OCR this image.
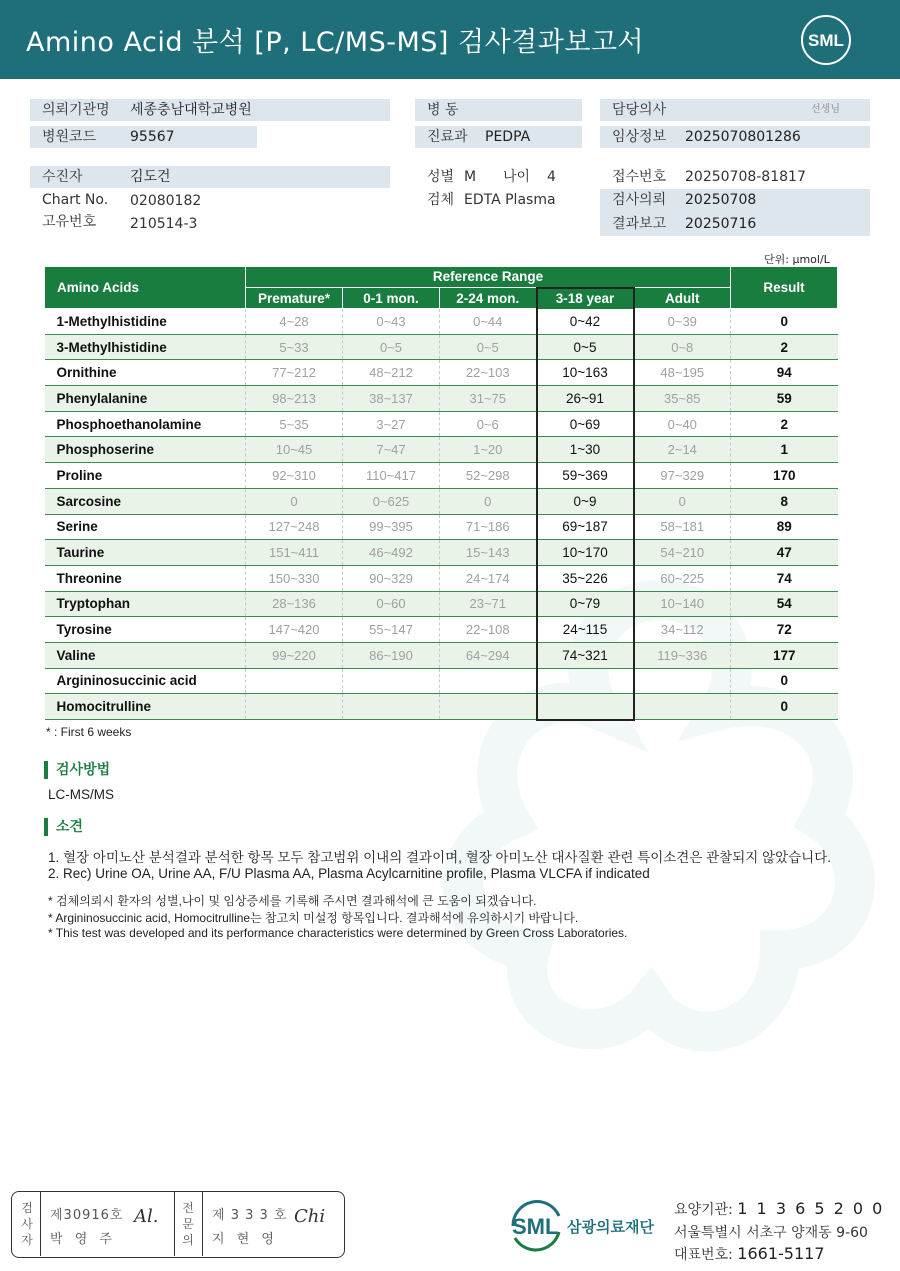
Amino Acid 분석 [P, LC/MS-MS] 검사결과보고서	SML
의뢰기관명 세종충남대학교병원
병원코드 95567
병 동
진료과 PEDPA
담당의사	선생님
임상정보 2025070801286
수진자	김도건
Chart No. 02080182
고유번호 210514-3
성별 M 나이 4
검체 EDTA Plasma
접수번호 20250708-81817
검사의뢰 20250708
결과보고 20250716
단위: μmol/L
Amino Acids	Reference Range					Result
	Premature*	0-1 mon.	2-24 mon.	3-18 year	Adult	
1-Methylhistidine	4~28	0~43	0~44	0~42	0~39	0
3-Methylhistidine	5~33	0~5	0~5	0~5	0~8	2
Ornithine	77~212	48~212	22~103	10~163	48~195	94
Phenylalanine	98~213	38~137	31~75	26~91	35~85	59
Phosphoethanolamine	5~35	3~27	0~6	0~69	0~40	2
Phosphoserine	10~45	7~47	1~20	1~30	2~14	1
Proline	92~310	110~417	52~298	59~369	97~329	170
Sarcosine	0	0~625	0	0~9	0	8
Serine	127~248	99~395	71~186	69~187	58~181	89
Taurine	151~411	46~492	15~143	10~170	54~210	47
Threonine	150~330	90~329	24~174	35~226	60~225	74
Tryptophan	28~136	0~60	23~71	0~79	10~140	54
Tyrosine	147~420	55~147	22~108	24~115	34~112	72
Valine	99~220	86~190	64~294	74~321	119~336	177
Argininosuccinic acid						0
Homocitrulline						0
* : First 6 weeks
검사방법
LC-MS/MS
소견
1. 혈장 아미노산 분석결과 분석한 항목 모두 참고범위 이내의 결과이며, 혈장 아미노산 대사질환 관련 특이소견은 관찰되지 않았습니다.
2. Rec) Urine OA, Urine AA, F/U Plasma AA, Plasma Acylcarnitine profile, Plasma VLCFA if indicated
* 검체의뢰시 환자의 성별,나이 및 임상증세를 기록해 주시면 결과해석에 큰 도움이 되겠습니다.
* Argininosuccinic acid, Homocitrulline는 참고치 미설정 항목입니다. 결과해석에 유의하시기 바랍니다.
* This test was developed and its performance characteristics were determined by Green Cross Laboratories.
검
사
자
제30916호
박 영 주
Al. 전
문
의
제 3 3 3 호
지 현 영
Chi	SML 삼광의료재단
요양기관: 1 1 3 6 5 2 0 0
서울특별시 서초구 양재동 9-60
대표번호: 1661-5117
